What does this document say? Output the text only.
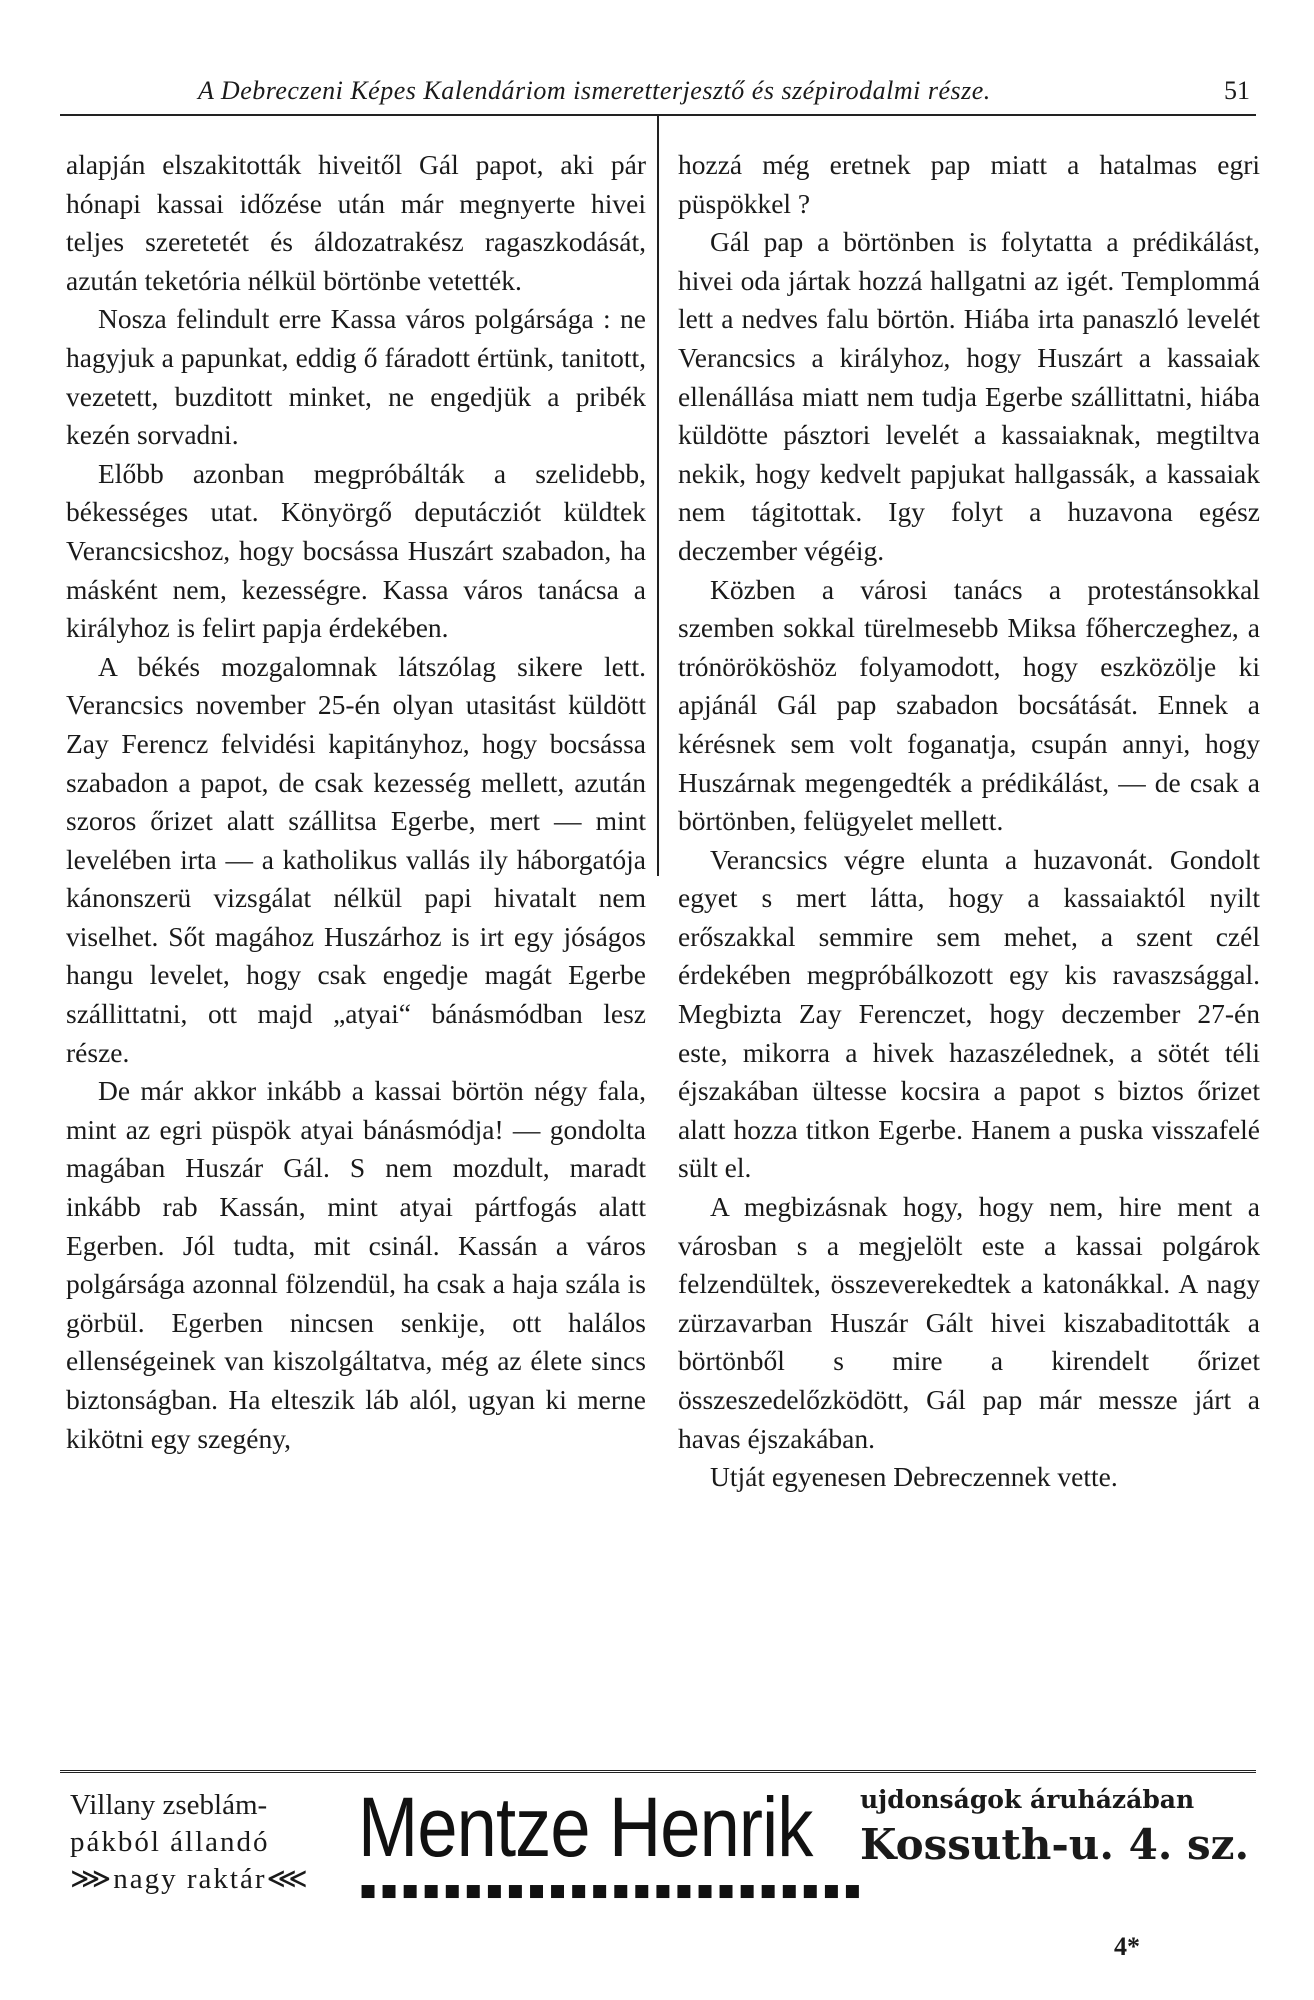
A Debreczeni Képes Kalendáriom ismeretterjesztő és szépirodalmi része.	51

alapján elszakitották hiveitől Gál papot, aki pár hónapi kassai időzése után már megnyerte hivei teljes szeretetét és áldozatrakész ragaszkodását, azután teketória nélkül börtönbe vetették.

Nosza felindult erre Kassa város polgársága : ne hagyjuk a papunkat, eddig ő fáradott értünk, tanitott, vezetett, buzditott minket, ne engedjük a pribék kezén sorvadni.

Előbb azonban megpróbálták a szelidebb, békességes utat. Könyörgő deputácziót küldtek Verancsicshoz, hogy bocsássa Huszárt szabadon, ha másként nem, kezességre. Kassa város tanácsa a királyhoz is felirt papja érdekében.

A békés mozgalomnak látszólag sikere lett. Verancsics november 25-én olyan utasitást küldött Zay Ferencz felvidési kapitányhoz, hogy bocsássa szabadon a papot, de csak kezesség mellett, azután szoros őrizet alatt szállitsa Egerbe, mert — mint levelében irta — a katholikus vallás ily háborgatója kánonszerü vizsgálat nélkül papi hivatalt nem viselhet. Sőt magához Huszárhoz is irt egy jóságos hangu levelet, hogy csak engedje magát Egerbe szállittatni, ott majd „atyai“ bánásmódban lesz része.

De már akkor inkább a kassai börtön négy fala, mint az egri püspök atyai bánásmódja! — gondolta magában Huszár Gál. S nem mozdult, maradt inkább rab Kassán, mint atyai pártfogás alatt Egerben. Jól tudta, mit csinál. Kassán a város polgársága azonnal fölzendül, ha csak a haja szála is görbül. Egerben nincsen senkije, ott halálos ellenségeinek van kiszolgáltatva, még az élete sincs biztonságban. Ha elteszik láb alól, ugyan ki merne kikötni egy szegény,

hozzá még eretnek pap miatt a hatalmas egri püspökkel ?

Gál pap a börtönben is folytatta a prédikálást, hivei oda jártak hozzá hallgatni az igét. Templommá lett a nedves falu börtön. Hiába irta panaszló levelét Verancsics a királyhoz, hogy Huszárt a kassaiak ellenállása miatt nem tudja Egerbe szállittatni, hiába küldötte pásztori levelét a kassaiaknak, megtiltva nekik, hogy kedvelt papjukat hallgassák, a kassaiak nem tágitottak. Igy folyt a huzavona egész deczember végéig.

Közben a városi tanács a protestánsokkal szemben sokkal türelmesebb Miksa főherczeghez, a trónörököshöz folyamodott, hogy eszközölje ki apjánál Gál pap szabadon bocsátását. Ennek a kérésnek sem volt foganatja, csupán annyi, hogy Huszárnak megengedték a prédikálást, — de csak a börtönben, felügyelet mellett.

Verancsics végre elunta a huzavonát. Gondolt egyet s mert látta, hogy a kassaiaktól nyilt erőszakkal semmire sem mehet, a szent czél érdekében megpróbálkozott egy kis ravaszsággal. Megbizta Zay Ferenczet, hogy deczember 27-én este, mikorra a hivek hazaszélednek, a sötét téli éjszakában ültesse kocsira a papot s biztos őrizet alatt hozza titkon Egerbe. Hanem a puska visszafelé sült el.

A megbizásnak hogy, hogy nem, hire ment a városban s a megjelölt este a kassai polgárok felzendültek, összeverekedtek a katonákkal. A nagy zürzavarban Huszár Gált hivei kiszabaditották a börtönből s mire a kirendelt őrizet összeszedelőzködött, Gál pap már messze járt a havas éjszakában.

Utját egyenesen Debreczennek vette.

Villany zseblám-
pákból állandó
⋙nagy raktár⋘
Mentze Henrik
■■■■■■■■■■■■■■■■■■■■■■■■
ujdonságok áruházában
Kossuth-u. 4. sz.
4*
